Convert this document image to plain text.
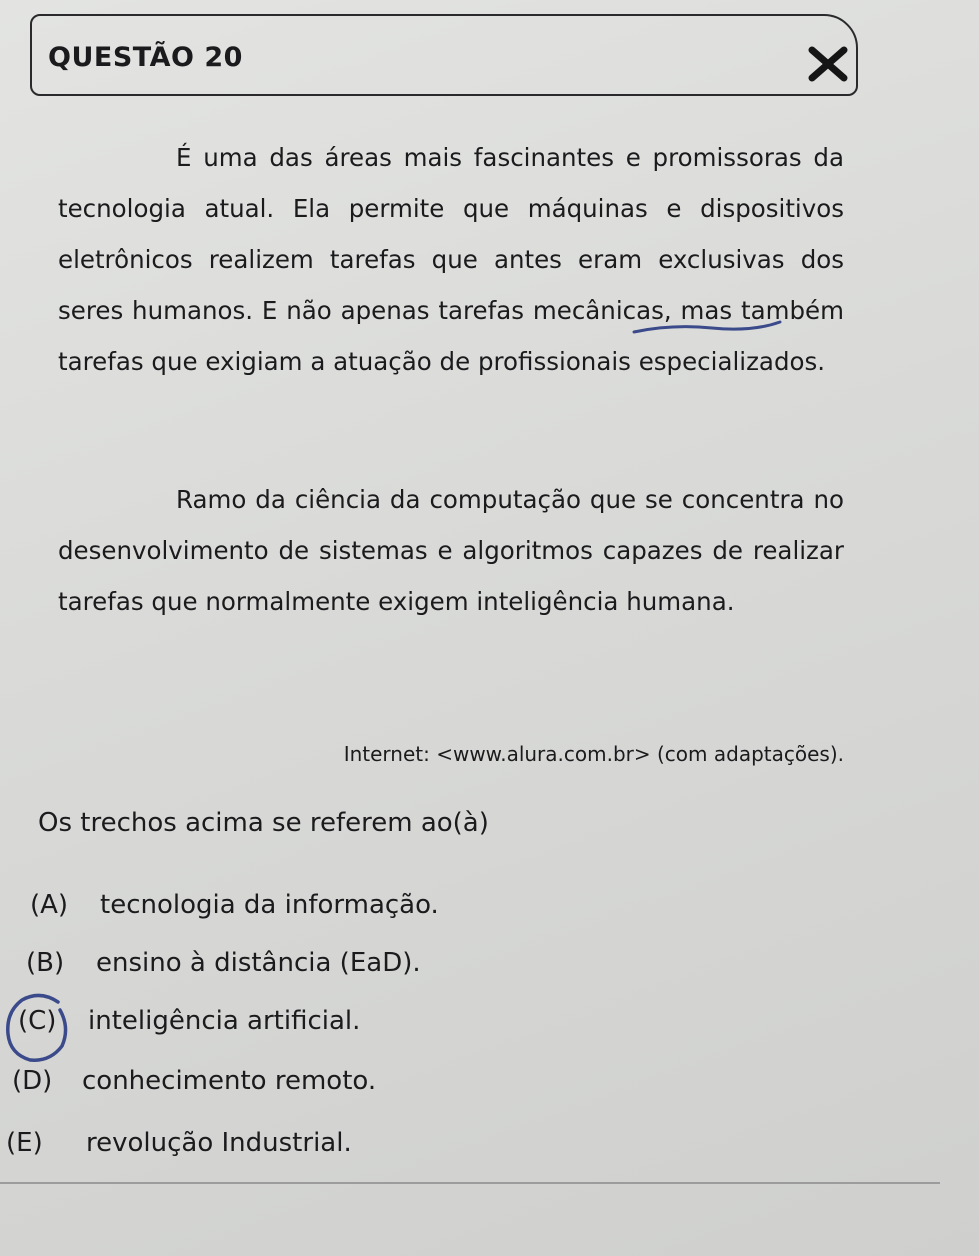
QUESTÃO 20

É uma das áreas mais fascinantes e promissoras da tecnologia atual. Ela permite que máquinas e dispositivos eletrônicos realizem tarefas que antes eram exclusivas dos seres humanos. E não apenas tarefas mecânicas, mas também tarefas que exigiam a atuação de profissionais especializados.

Ramo da ciência da computação que se concentra no desenvolvimento de sistemas e algoritmos capazes de realizar tarefas que normalmente exigem inteligência humana.

Internet: <www.alura.com.br> (com adaptações).
Os trechos acima se referem ao(à)
(A) tecnologia da informação.
(B) ensino à distância (EaD).
(C) inteligência artificial.
(D) conhecimento remoto.
(E) revolução Industrial.
